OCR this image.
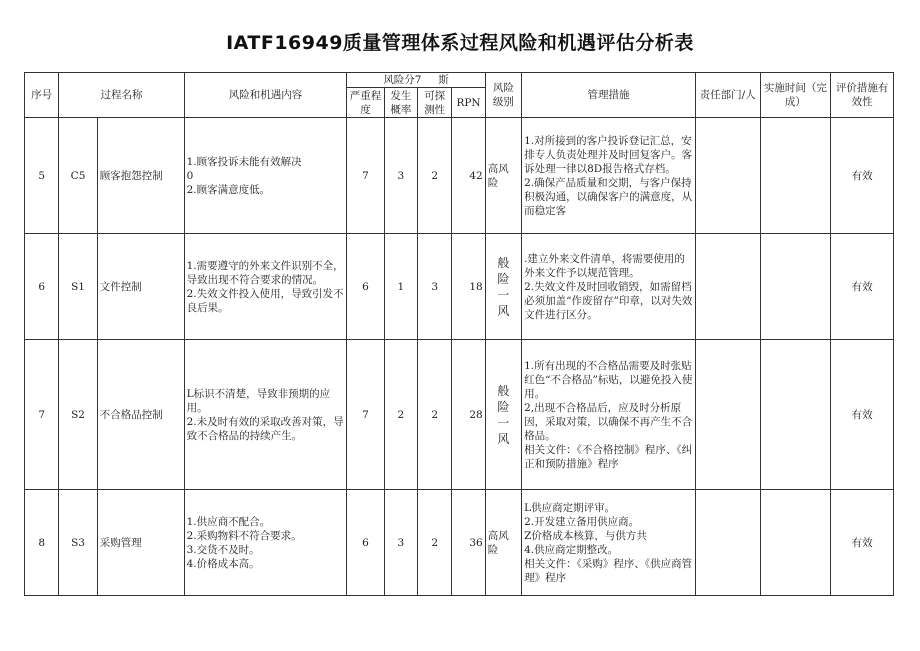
IATF16949质量管理体系过程风险和机遇评估分析表
序号	过程名称		风险和机遇内容	风险分7 斯				风险级别	管理措施	责任部门/人	实施时间（完成）	评价措施有效性
				严重程度	发生概率	可探测性	RPN					
5	C5	顾客抱怨控制	1.顾客投诉未能有效解决
0
2.顾客满意度低。	7	3	2	42	高风险	1.对所接到的客户投诉登记汇总，安排专人负责处理并及时回复客户。客诉处理一律以8D报告格式存档。
2.确保产品质量和交期，与客户保持积极沟通，以确保客户的满意度，从而稳定客			有效
6	S1	文件控制	1.需要遵守的外来文件识别不全，导致出现不符合要求的情况。
2.失效文件投入使用，导致引发不良后果。	6	1	3	18	般险一风	.建立外来文件清单，将需要使用的外来文件予以规范管理。
2.失效文件及时回收销毁，如需留档必须加盖“作废留存”印章，以对失效文件进行区分。			有效
7	S2	不合格品控制	L标识不清楚，导致非预期的应用。
2.未及时有效的采取改善对策，导致不合格品的持续产生。	7	2	2	28	般险一风	1.所有出现的不合格品需要及时张贴红色“不合格品”标贴，以避免投入使用。
2,出现不合格品后，应及时分析原因，采取对策，以确保不再产生不合格品。
相关文件：《不合格控制》程序、《纠正和预防措施》程序			有效
8	S3	采购管理	1.供应商不配合。
2.采购物料不符合要求。
3.交货不及时。
4.价格成本高。	6	3	2	36	高风险	L供应商定期评审。
2.开发建立备用供应商。
Z价格成本核算，与供方共
4.供应商定期整改。
相关文件：《采购》程序、《供应商管理》程序			有效
